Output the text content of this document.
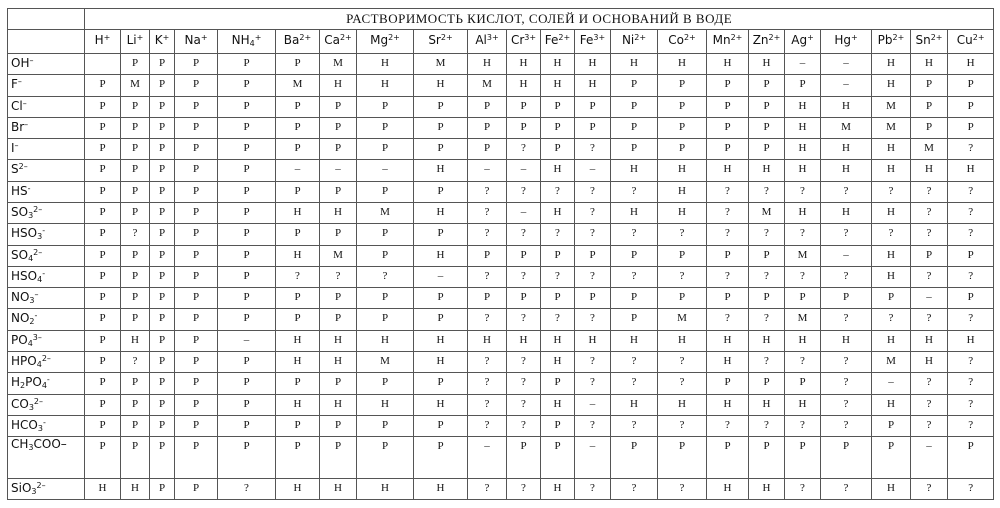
	РАСТВОРИМОСТЬ КИСЛОТ, СОЛЕЙ И ОСНОВАНИЙ В ВОДЕ																					
	H+	Li+	K+	Na+	$NH_4^+$	$Ba^{2+}$	$Ca^{2+}$	$Mg^{2+}$	$Sr^{2+}$	$Al^{3+}$	$Cr^{3+}$	$Fe^{2+}$	$Fe^{3+}$	$Ni^{2+}$	$Co^{2+}$	$Mn^{2+}$	$Zn^{2+}$	Ag+	Hg+	$Pb^{2+}$	$Sn^{2+}$	$Cu^{2+}$
OH–		Р	Р	Р	Р	Р	М	Н	М	Н	Н	Н	Н	Н	Н	Н	Н	–	–	Н	Н	Н
F–	Р	М	Р	Р	Р	М	Н	Н	Н	М	Н	Н	Н	Р	Р	Р	Р	Р	–	Н	Р	Р
Cl–	Р	Р	Р	Р	Р	Р	Р	Р	Р	Р	Р	Р	Р	Р	Р	Р	Р	Н	Н	М	Р	Р
Br–	Р	Р	Р	Р	Р	Р	Р	Р	Р	Р	Р	Р	Р	Р	Р	Р	Р	Н	М	М	Р	Р
I–	Р	Р	Р	Р	Р	Р	Р	Р	Р	Р	?	Р	?	Р	Р	Р	Р	Н	Н	Н	М	?
$S^{2-}$	Р	Р	Р	Р	Р	–	–	–	Н	–	–	Н	–	Н	Н	Н	Н	Н	Н	Н	Н	Н
HS-	Р	Р	Р	Р	Р	Р	Р	Р	Р	?	?	?	?	?	Н	?	?	?	?	?	?	?
$SO_3^{2-}$	Р	Р	Р	Р	Р	Н	Н	М	Н	?	–	Н	?	Н	Н	?	М	Н	Н	Н	?	?
$HSO_3^-$	Р	?	Р	Р	Р	Р	Р	Р	Р	?	?	?	?	?	?	?	?	?	?	?	?	?
$SO_4^{2-}$	Р	Р	Р	Р	Р	Н	М	Р	Н	Р	Р	Р	Р	Р	Р	Р	Р	М	–	Н	Р	Р
$HSO_4^-$	Р	Р	Р	Р	Р	?	?	?	–	?	?	?	?	?	?	?	?	?	?	Н	?	?
$NO_3^-$	Р	Р	Р	Р	Р	Р	Р	Р	Р	Р	Р	Р	Р	Р	Р	Р	Р	Р	Р	Р	–	Р
$NO_2^-$	Р	Р	Р	Р	Р	Р	Р	Р	Р	?	?	?	?	Р	М	?	?	М	?	?	?	?
$PO_4^{3-}$	Р	Н	Р	Р	–	Н	Н	Н	Н	Н	Н	Н	Н	Н	Н	Н	Н	Н	Н	Н	Н	Н
$HPO_4^{2-}$	Р	?	Р	Р	Р	Н	Н	М	Н	?	?	Н	?	?	?	Н	?	?	?	М	Н	?
$H_2PO_4^-$	Р	Р	Р	Р	Р	Р	Р	Р	Р	?	?	Р	?	?	?	Р	Р	Р	?	–	?	?
$CO_3^{2-}$	Р	Р	Р	Р	Р	Н	Н	Н	Н	?	?	Н	–	Н	Н	Н	Н	Н	?	Н	?	?
$HCO_3^-$	Р	Р	Р	Р	Р	Р	Р	Р	Р	?	?	Р	?	?	?	?	?	?	?	Р	?	?
$CH_3COO-$	Р	Р	Р	Р	Р	Р	Р	Р	Р	–	Р	Р	–	Р	Р	Р	Р	Р	Р	Р	–	Р
SiO$_3^{2-}$	Н	Н	Р	Р	?	Н	Н	Н	Н	?	?	Н	?	?	?	Н	Н	?	?	Н	?	?
